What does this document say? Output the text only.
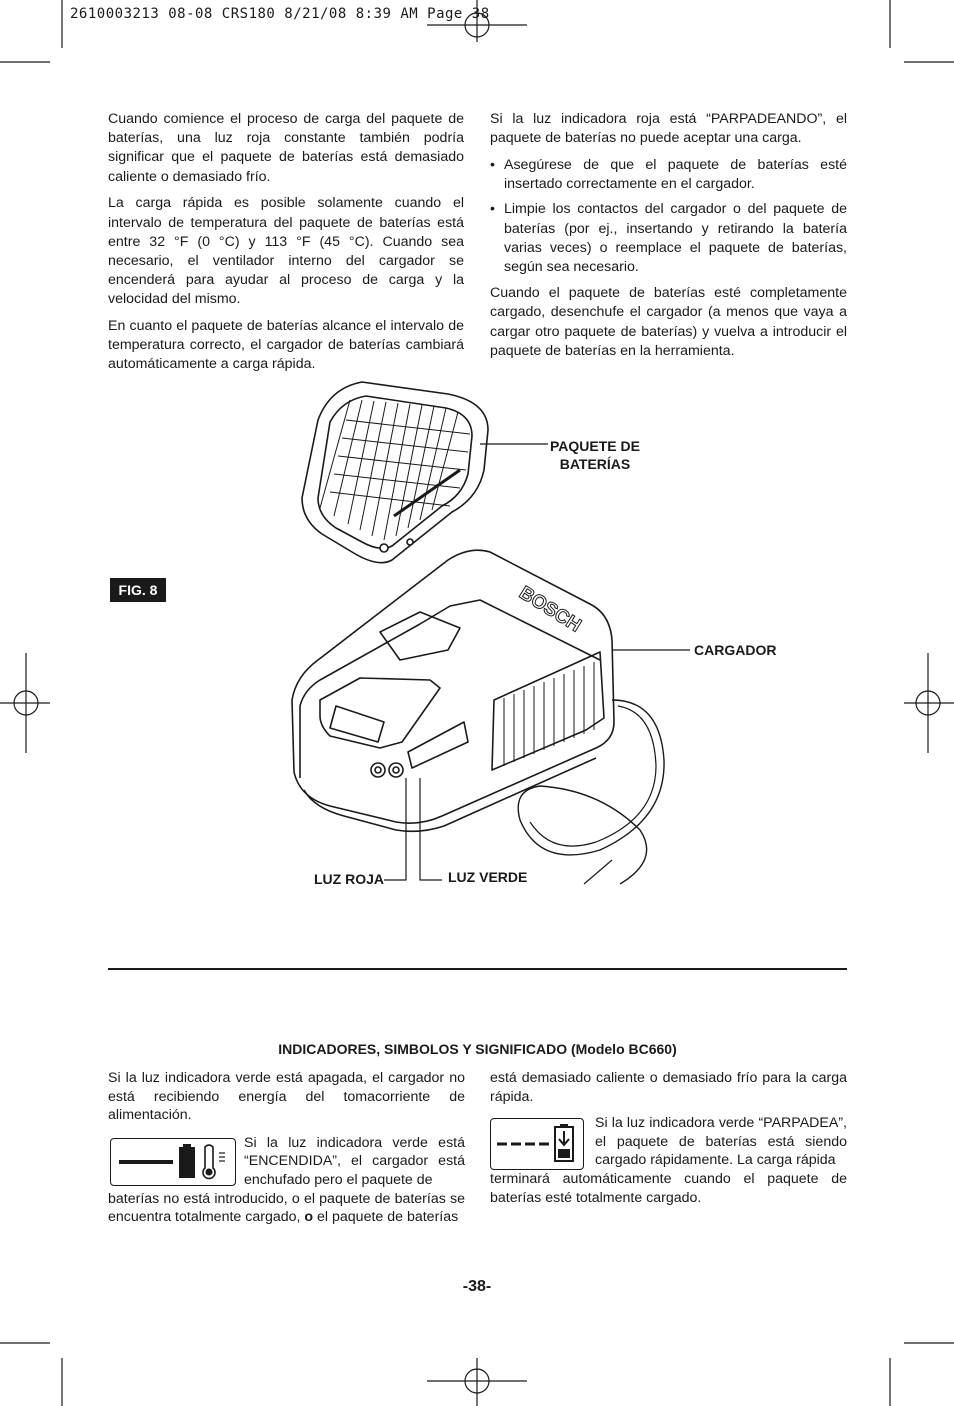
2610003213 08-08 CRS180 8/21/08 8:39 AM Page 38

Cuando comience el proceso de carga del paquete de baterías, una luz roja constante también podría significar que el paquete de baterías está demasiado caliente o demasiado frío.

La carga rápida es posible solamente cuando el intervalo de temperatura del paquete de baterías está entre 32 °F (0 °C) y 113 °F (45 °C). Cuando sea necesario, el ventilador interno del cargador se encenderá para ayudar al proceso de carga y la velocidad del mismo.

En cuanto el paquete de baterías alcance el intervalo de temperatura correcto, el cargador de baterías cambiará automáticamente a carga rápida.

Si la luz indicadora roja está “PARPADEANDO”, el paquete de baterías no puede aceptar una carga.

• Asegúrese de que el paquete de baterías esté insertado correctamente en el cargador.
• Limpie los contactos del cargador o del paquete de baterías (por ej., insertando y retirando la batería varias veces) o reemplace el paquete de baterías, según sea necesario.

Cuando el paquete de baterías esté completamente cargado, desenchufe el cargador (a menos que vaya a cargar otro paquete de baterías) y vuelva a introducir el paquete de baterías en la herramienta.

FIG. 8	BOSCH
PAQUETE DE
BATERÍAS
CARGADOR
LUZ ROJA	LUZ VERDE
INDICADORES, SIMBOLOS Y SIGNIFICADO (Modelo BC660)

Si la luz indicadora verde está apagada, el cargador no está recibiendo energía del tomacorriente de alimentación.

Si la luz indicadora verde está “ENCENDIDA”, el cargador está enchufado pero el paquete de

baterías no está introducido, o el paquete de baterías se encuentra totalmente cargado, o el paquete de baterías

está demasiado caliente o demasiado frío para la carga rápida.

Si la luz indicadora verde “PARPADEA”, el paquete de baterías está siendo cargado rápidamente. La carga rápida

terminará automáticamente cuando el paquete de baterías esté totalmente cargado.

-38-
